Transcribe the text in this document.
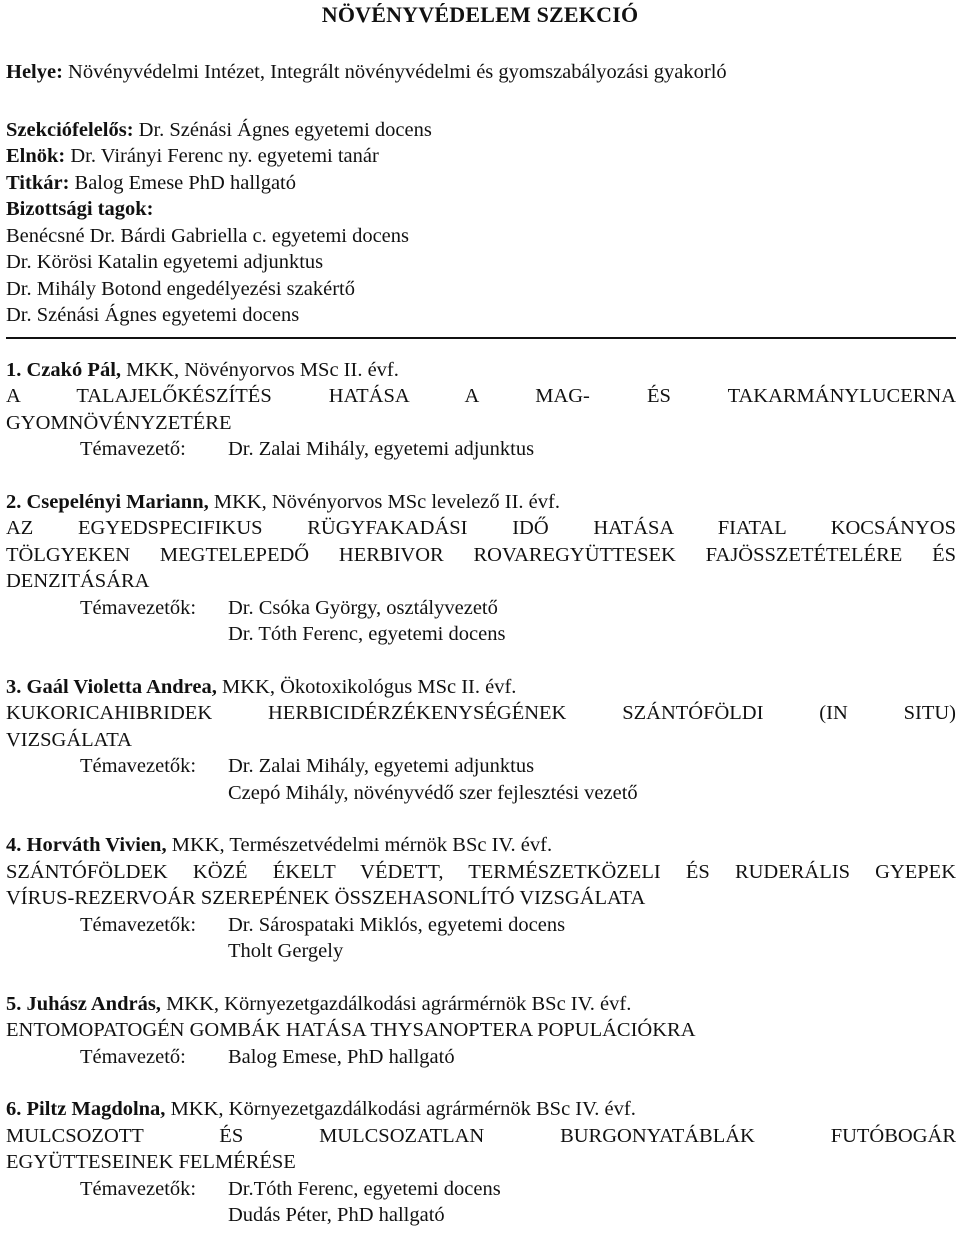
NÖVÉNYVÉDELEM SZEKCIÓ
Helye: Növényvédelmi Intézet, Integrált növényvédelmi és gyomszabályozási gyakorló
Szekciófelelős: Dr. Szénási Ágnes egyetemi docens
Elnök: Dr. Virányi Ferenc ny. egyetemi tanár
Titkár: Balog Emese PhD hallgató
Bizottsági tagok:
Benécsné Dr. Bárdi Gabriella c. egyetemi docens
Dr. Körösi Katalin egyetemi adjunktus
Dr. Mihály Botond engedélyezési szakértő
Dr. Szénási Ágnes egyetemi docens
1. Czakó Pál, MKK, Növényorvos MSc II. évf.
A TALAJELŐKÉSZÍTÉS HATÁSA A MAG- ÉS TAKARMÁNYLUCERNA
GYOMNÖVÉNYZETÉRE
Témavezető:	Dr. Zalai Mihály, egyetemi adjunktus
2. Csepelényi Mariann, MKK, Növényorvos MSc levelező II. évf.
AZ EGYEDSPECIFIKUS RÜGYFAKADÁSI IDŐ HATÁSA FIATAL KOCSÁNYOS
TÖLGYEKEN MEGTELEPEDŐ HERBIVOR ROVAREGYÜTTESEK FAJÖSSZETÉTELÉRE ÉS
DENZITÁSÁRA
Témavezetők:	Dr. Csóka György, osztályvezető
Dr. Tóth Ferenc, egyetemi docens
3. Gaál Violetta Andrea, MKK, Ökotoxikológus MSc II. évf.
KUKORICAHIBRIDEK HERBICIDÉRZÉKENYSÉGÉNEK SZÁNTÓFÖLDI (IN SITU)
VIZSGÁLATA
Témavezetők:	Dr. Zalai Mihály, egyetemi adjunktus
Czepó Mihály, növényvédő szer fejlesztési vezető
4. Horváth Vivien, MKK, Természetvédelmi mérnök BSc IV. évf.
SZÁNTÓFÖLDEK KÖZÉ ÉKELT VÉDETT, TERMÉSZETKÖZELI ÉS RUDERÁLIS GYEPEK
VÍRUS-REZERVOÁR SZEREPÉNEK ÖSSZEHASONLÍTÓ VIZSGÁLATA
Témavezetők:	Dr. Sárospataki Miklós, egyetemi docens
Tholt Gergely
5. Juhász András, MKK, Környezetgazdálkodási agrármérnök BSc IV. évf.
ENTOMOPATOGÉN GOMBÁK HATÁSA THYSANOPTERA POPULÁCIÓKRA
Témavezető:	Balog Emese, PhD hallgató
6. Piltz Magdolna, MKK, Környezetgazdálkodási agrármérnök BSc IV. évf.
MULCSOZOTT ÉS MULCSOZATLAN BURGONYATÁBLÁK FUTÓBOGÁR
EGYÜTTESEINEK FELMÉRÉSE
Témavezetők:	Dr.Tóth Ferenc, egyetemi docens
Dudás Péter, PhD hallgató
